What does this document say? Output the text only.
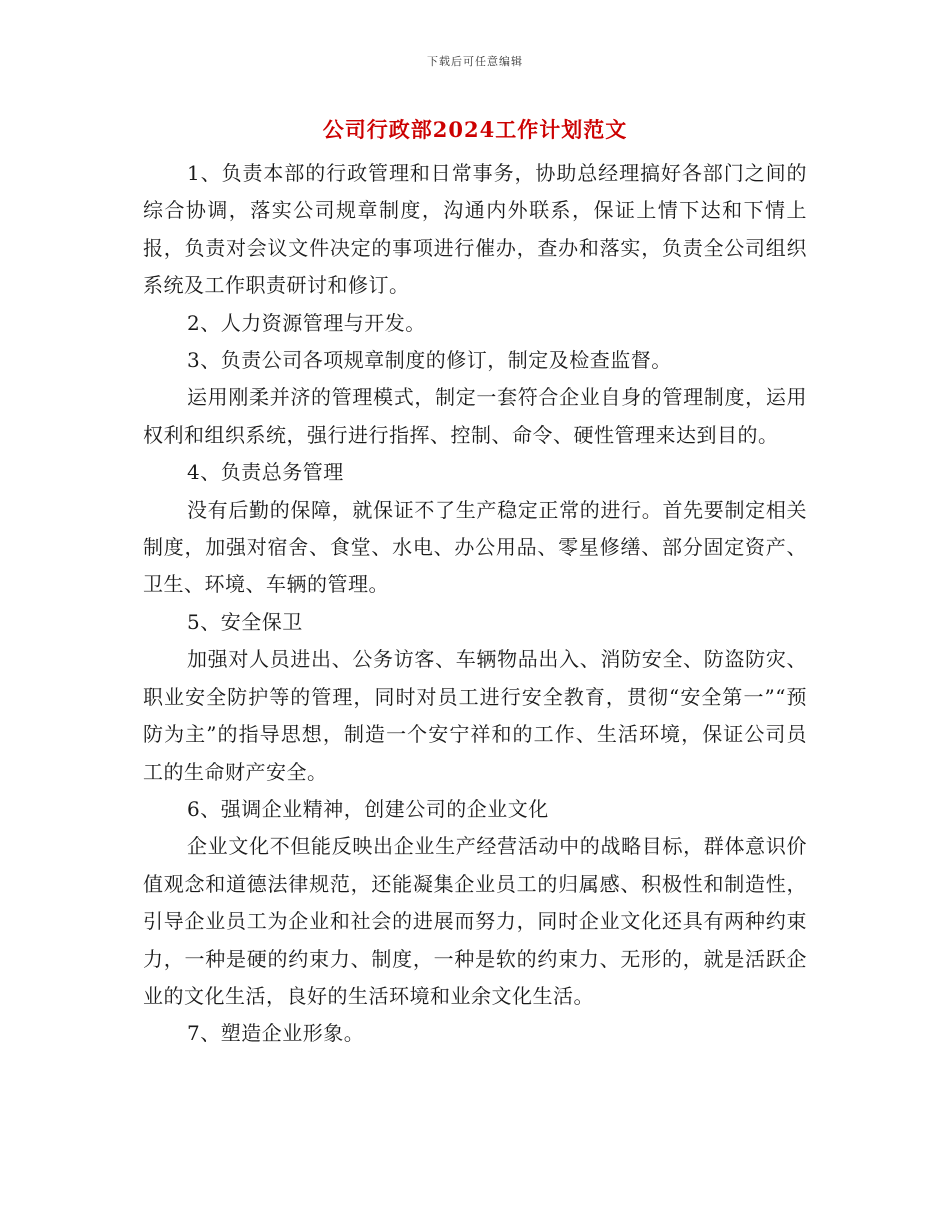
下载后可任意编辑
公司行政部2024工作计划范文

1、负责本部的行政管理和日常事务，协助总经理搞好各部门之间的综合协调，落实公司规章制度，沟通内外联系，保证上情下达和下情上报，负责对会议文件决定的事项进行催办，查办和落实，负责全公司组织系统及工作职责研讨和修订。

2、人力资源管理与开发。

3、负责公司各项规章制度的修订，制定及检查监督。

运用刚柔并济的管理模式，制定一套符合企业自身的管理制度，运用权利和组织系统，强行进行指挥、控制、命令、硬性管理来达到目的。

4、负责总务管理

没有后勤的保障，就保证不了生产稳定正常的进行。首先要制定相关制度，加强对宿舍、食堂、水电、办公用品、零星修缮、部分固定资产、卫生、环境、车辆的管理。

5、安全保卫

加强对人员进出、公务访客、车辆物品出入、消防安全、防盗防灾、职业安全防护等的管理，同时对员工进行安全教育，贯彻“安全第一”“预防为主”的指导思想，制造一个安宁祥和的工作、生活环境，保证公司员工的生命财产安全。

6、强调企业精神，创建公司的企业文化

企业文化不但能反映出企业生产经营活动中的战略目标，群体意识价值观念和道德法律规范，还能凝集企业员工的归属感、积极性和制造性，引导企业员工为企业和社会的进展而努力，同时企业文化还具有两种约束力，一种是硬的约束力、制度，一种是软的约束力、无形的，就是活跃企业的文化生活，良好的生活环境和业余文化生活。

7、塑造企业形象。
